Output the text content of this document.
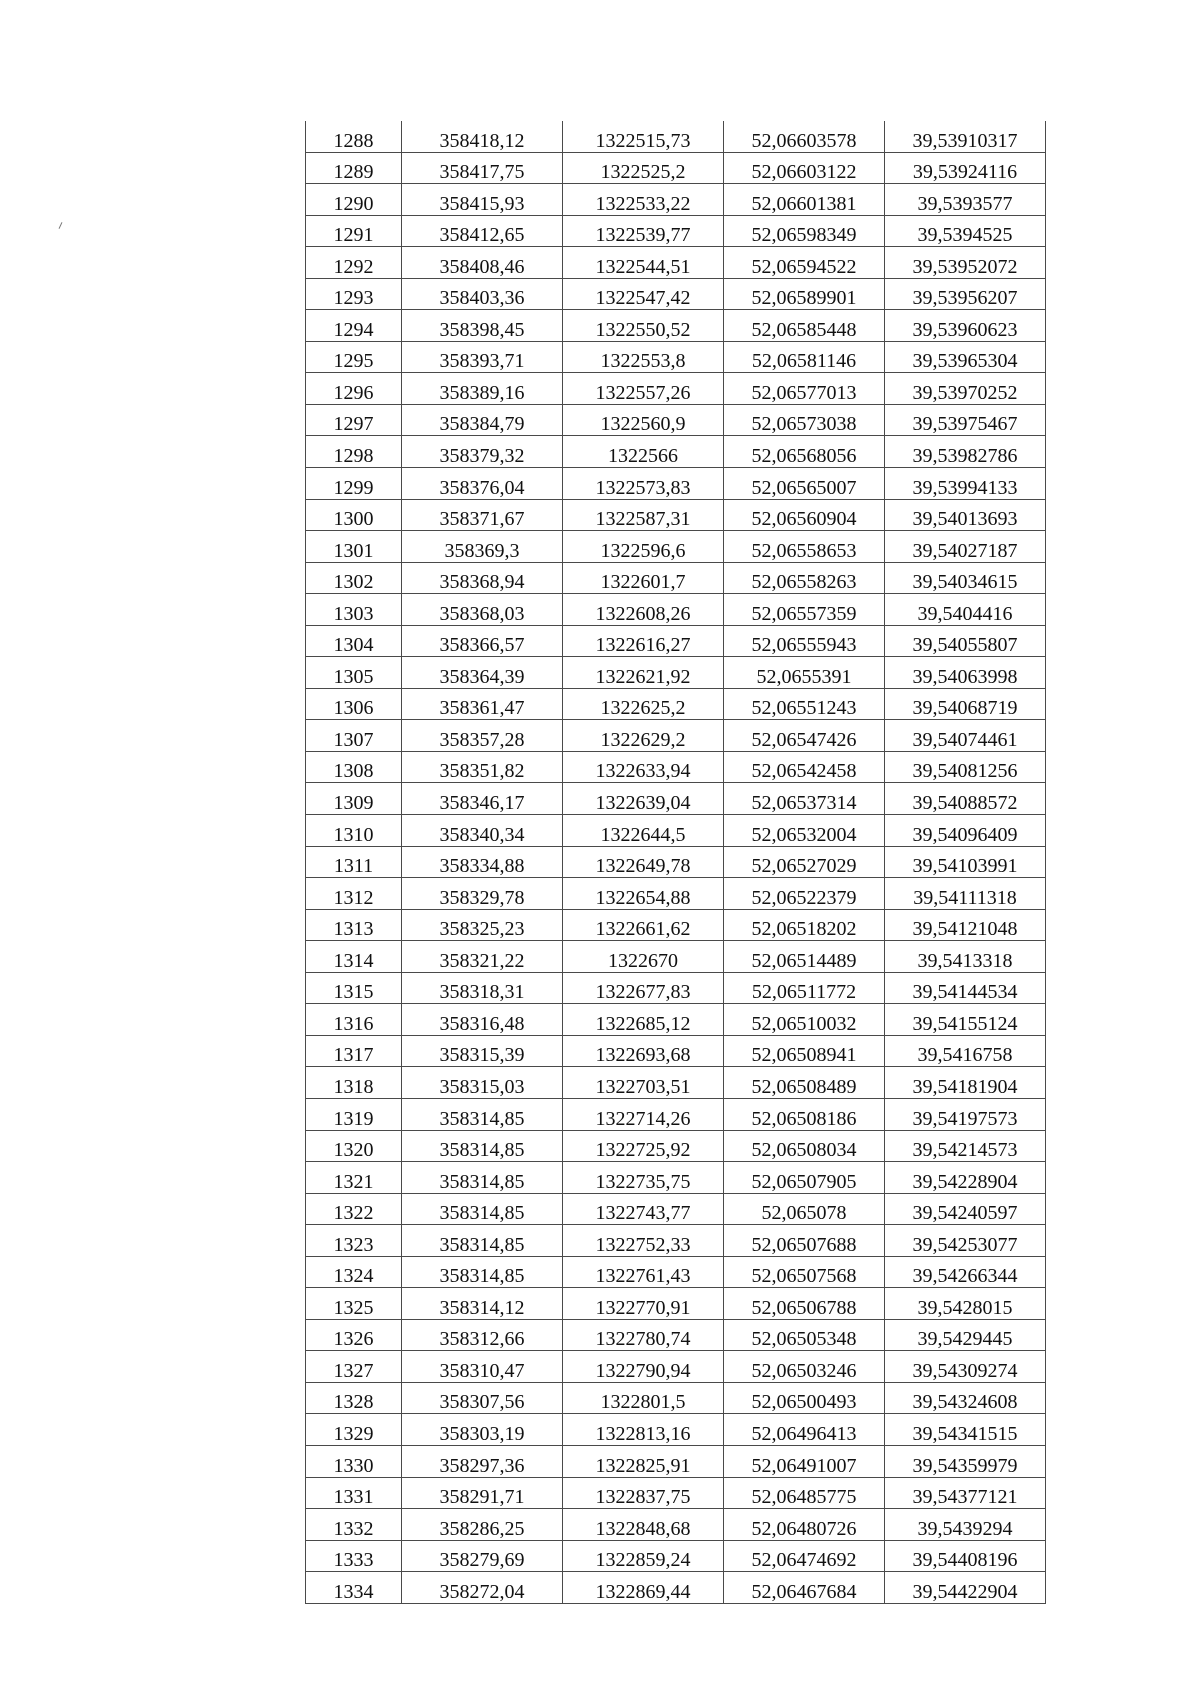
1288	358418,12	1322515,73	52,06603578	39,53910317
1289	358417,75	1322525,2	52,06603122	39,53924116
1290	358415,93	1322533,22	52,06601381	39,5393577
1291	358412,65	1322539,77	52,06598349	39,5394525
1292	358408,46	1322544,51	52,06594522	39,53952072
1293	358403,36	1322547,42	52,06589901	39,53956207
1294	358398,45	1322550,52	52,06585448	39,53960623
1295	358393,71	1322553,8	52,06581146	39,53965304
1296	358389,16	1322557,26	52,06577013	39,53970252
1297	358384,79	1322560,9	52,06573038	39,53975467
1298	358379,32	1322566	52,06568056	39,53982786
1299	358376,04	1322573,83	52,06565007	39,53994133
1300	358371,67	1322587,31	52,06560904	39,54013693
1301	358369,3	1322596,6	52,06558653	39,54027187
1302	358368,94	1322601,7	52,06558263	39,54034615
1303	358368,03	1322608,26	52,06557359	39,5404416
1304	358366,57	1322616,27	52,06555943	39,54055807
1305	358364,39	1322621,92	52,0655391	39,54063998
1306	358361,47	1322625,2	52,06551243	39,54068719
1307	358357,28	1322629,2	52,06547426	39,54074461
1308	358351,82	1322633,94	52,06542458	39,54081256
1309	358346,17	1322639,04	52,06537314	39,54088572
1310	358340,34	1322644,5	52,06532004	39,54096409
1311	358334,88	1322649,78	52,06527029	39,54103991
1312	358329,78	1322654,88	52,06522379	39,54111318
1313	358325,23	1322661,62	52,06518202	39,54121048
1314	358321,22	1322670	52,06514489	39,5413318
1315	358318,31	1322677,83	52,06511772	39,54144534
1316	358316,48	1322685,12	52,06510032	39,54155124
1317	358315,39	1322693,68	52,06508941	39,5416758
1318	358315,03	1322703,51	52,06508489	39,54181904
1319	358314,85	1322714,26	52,06508186	39,54197573
1320	358314,85	1322725,92	52,06508034	39,54214573
1321	358314,85	1322735,75	52,06507905	39,54228904
1322	358314,85	1322743,77	52,065078	39,54240597
1323	358314,85	1322752,33	52,06507688	39,54253077
1324	358314,85	1322761,43	52,06507568	39,54266344
1325	358314,12	1322770,91	52,06506788	39,5428015
1326	358312,66	1322780,74	52,06505348	39,5429445
1327	358310,47	1322790,94	52,06503246	39,54309274
1328	358307,56	1322801,5	52,06500493	39,54324608
1329	358303,19	1322813,16	52,06496413	39,54341515
1330	358297,36	1322825,91	52,06491007	39,54359979
1331	358291,71	1322837,75	52,06485775	39,54377121
1332	358286,25	1322848,68	52,06480726	39,5439294
1333	358279,69	1322859,24	52,06474692	39,54408196
1334	358272,04	1322869,44	52,06467684	39,54422904
